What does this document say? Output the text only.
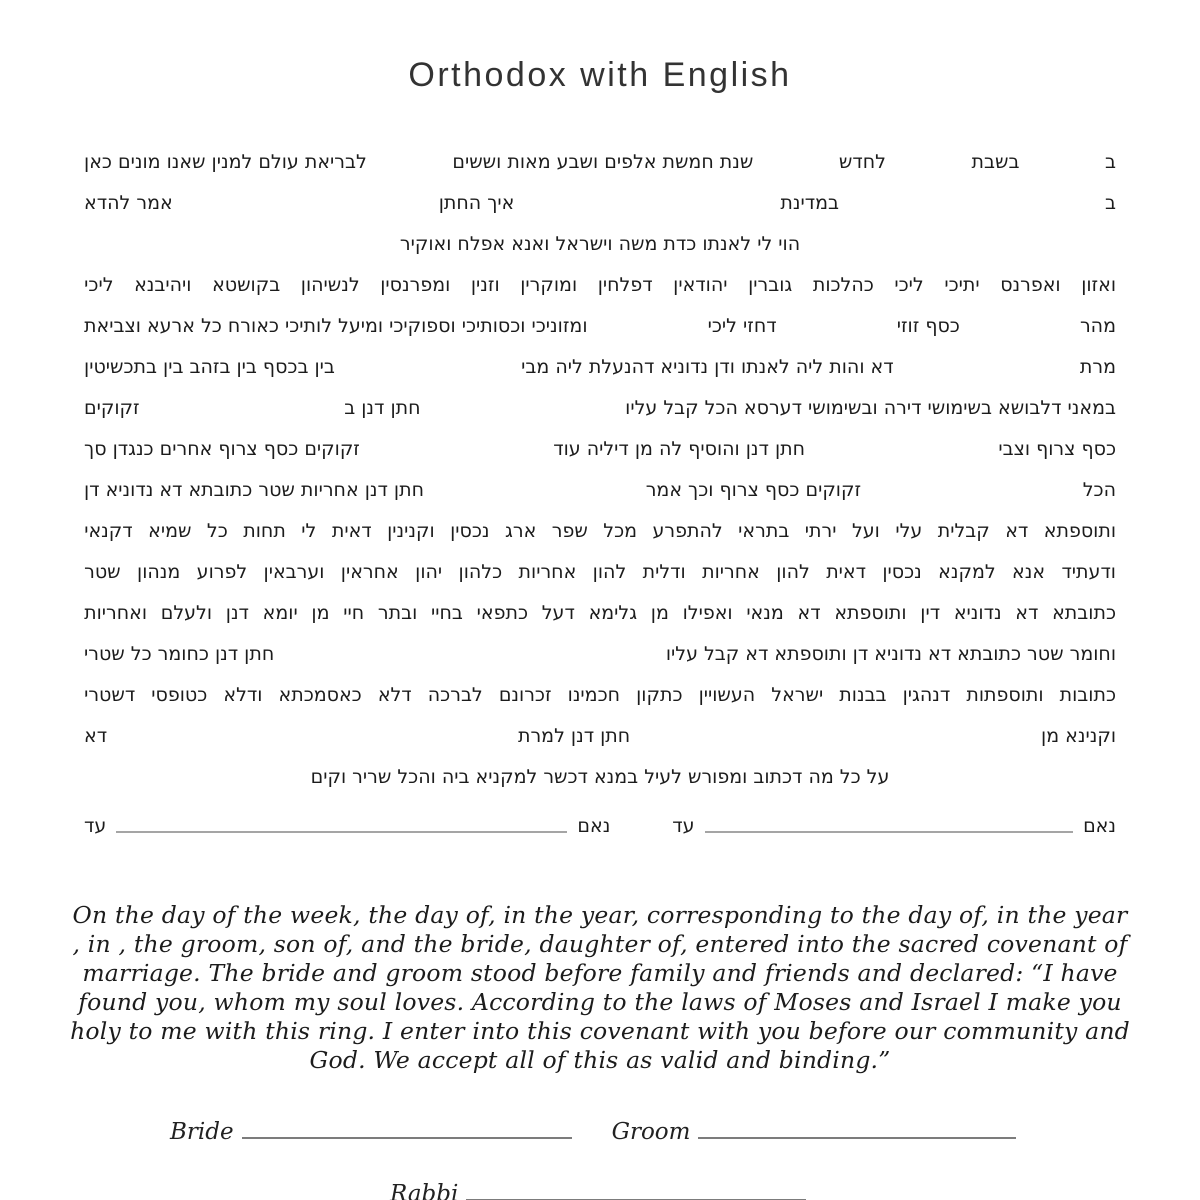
Orthodox with English
ב
בשבת
לחדש
שנת חמשת אלפים ושבע מאות וששים
לבריאת עולם למנין שאנו מונים כאן
ב
במדינת
איך החתן
אמר להדא
הוי לי לאנתו כדת משה וישראל ואנא אפלח ואוקיר
ואזון
ואפרנס
יתיכי
ליכי
כהלכות
גוברין
יהודאין
דפלחין
ומוקרין
וזנין
ומפרנסין
לנשיהון
בקושטא
ויהיבנא
ליכי
מהר
כסף זוזי
דחזי ליכי
ומזוניכי וכסותיכי וספוקיכי ומיעל לותיכי כאורח כל ארעא וצביאת
מרת
דא והות ליה לאנתו ודן נדוניא דהנעלת ליה מבי
בין בכסף בין בזהב בין בתכשיטין
במאני דלבושא בשימושי דירה ובשימושי דערסא הכל קבל עליו
חתן דנן ב
זקוקים
כסף צרוף וצבי
חתן דנן והוסיף לה מן דיליה עוד
זקוקים כסף צרוף אחרים כנגדן סך
הכל
זקוקים כסף צרוף וכך אמר
חתן דנן אחריות שטר כתובתא דא נדוניא דן
ותוספתא
דא
קבלית
עלי
ועל
ירתי
בתראי
להתפרע
מכל
שפר
ארג
נכסין
וקנינין
דאית
לי
תחות
כל
שמיא
דקנאי
ודעתיד
אנא
למקנא
נכסין
דאית
להון
אחריות
ודלית
להון
אחריות
כלהון
יהון
אחראין
וערבאין
לפרוע
מנהון
שטר
כתובתא
דא
נדוניא
דין
ותוספתא
דא
מנאי
ואפילו
מן
גלימא
דעל
כתפאי
בחיי
ובתר
חיי
מן
יומא
דנן
ולעלם
ואחריות
וחומר שטר כתובתא דא נדוניא דן ותוספתא דא קבל עליו
חתן דנן כחומר כל שטרי
כתובות
ותוספתות
דנהגין
בבנות
ישראל
העשויין
כתקון
חכמינו
זכרונם
לברכה
דלא
כאסמכתא
ודלא
כטופסי
דשטרי
וקנינא מן
חתן דנן למרת
דא
על כל מה דכתוב ומפורש לעיל במנא דכשר למקניא ביה והכל שריר וקים
נאם
עד
נאם
עד

On the day of the week, the day of, in the year, corresponding to the day of, in the year , in , the groom, son of, and the bride, daughter of, entered into the sacred covenant of marriage. The bride and groom stood before family and friends and declared: “I have found you, whom my soul loves. According to the laws of Moses and Israel I make you holy to me with this ring. I enter into this covenant with you before our community and God. We accept all of this as valid and binding.”

Bride	Groom
Rabbi
